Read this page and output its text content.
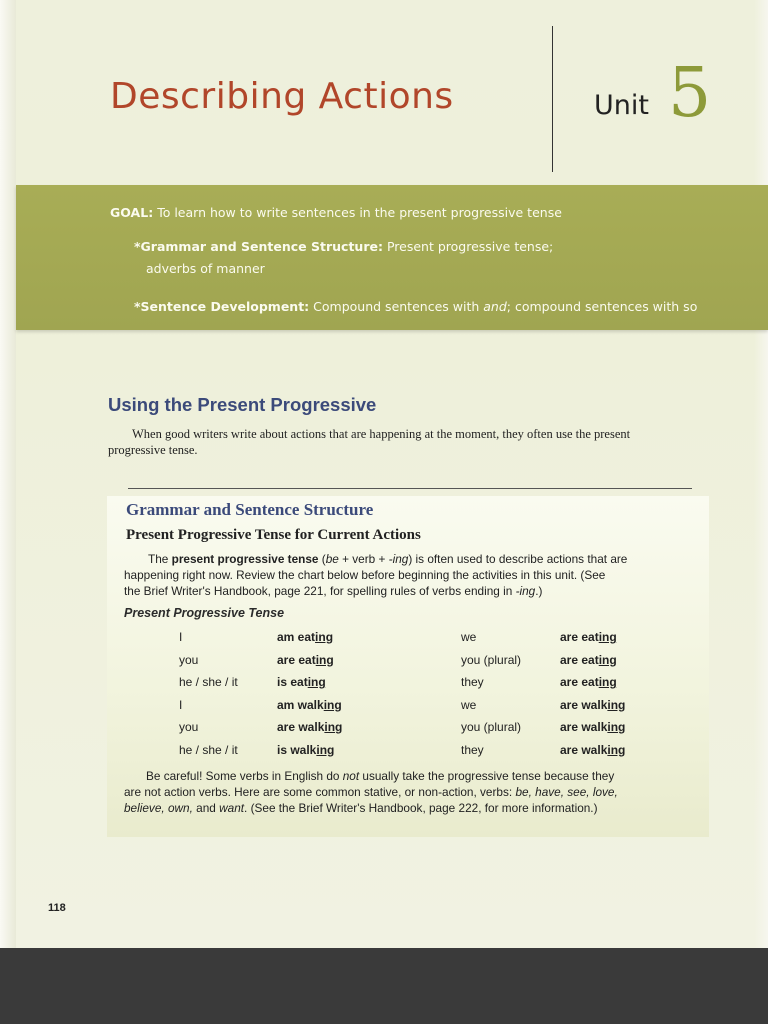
Describing Actions	Unit 5
GOAL: To learn how to write sentences in the present progressive tense
*Grammar and Sentence Structure: Present progressive tense;
adverbs of manner
*Sentence Development: Compound sentences with and; compound sentences with so
Using the Present Progressive

When good writers write about actions that are happening at the moment, they often use the present
progressive tense.

Grammar and Sentence Structure
Present Progressive Tense for Current Actions

The present progressive tense (be + verb + -ing) is often used to describe actions that are
happening right now. Review the chart below before beginning the activities in this unit. (See
the Brief Writer's Handbook, page 221, for spelling rules of verbs ending in -ing.)

Present Progressive Tense

I	am eating	we	are eating
you	are eating	you (plural)	are eating
he / she / it	is eating	they	are eating
I	am walking	we	are walking
you	are walking	you (plural)	are walking
he / she / it	is walking	they	are walking

Be careful! Some verbs in English do not usually take the progressive tense because they
are not action verbs. Here are some common stative, or non-action, verbs: be, have, see, love,
believe, own, and want. (See the Brief Writer's Handbook, page 222, for more information.)

118
